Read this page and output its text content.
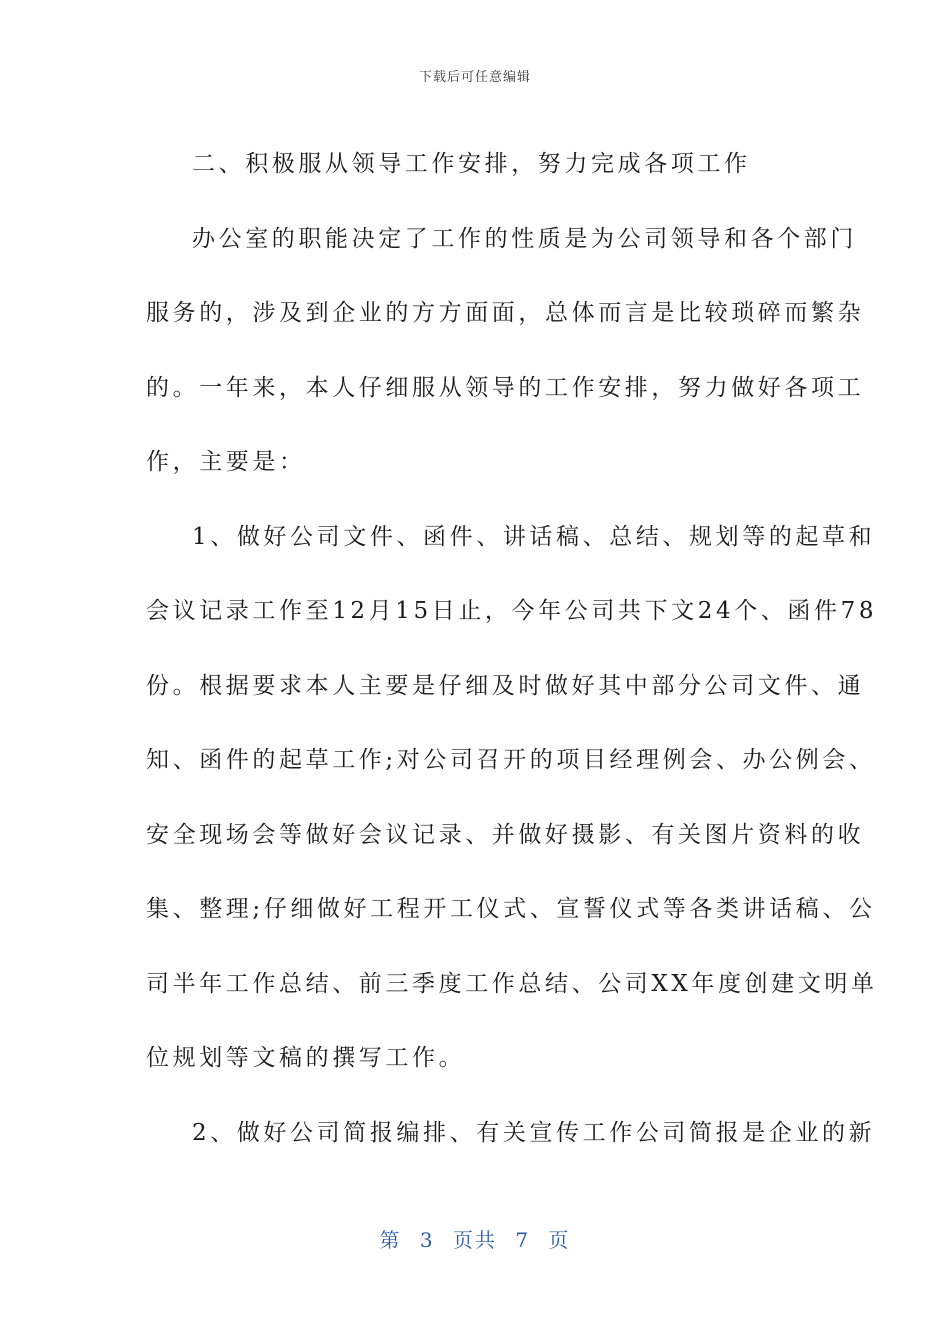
下载后可任意编辑
二、积极服从领导工作安排，努力完成各项工作
办公室的职能决定了工作的性质是为公司领导和各个部门
服务的，涉及到企业的方方面面，总体而言是比较琐碎而繁杂
的。一年来，本人仔细服从领导的工作安排，努力做好各项工
作，主要是：
1、做好公司文件、函件、讲话稿、总结、规划等的起草和
会议记录工作至12月15日止，今年公司共下文24个、函件78
份。根据要求本人主要是仔细及时做好其中部分公司文件、通
知、函件的起草工作;对公司召开的项目经理例会、办公例会、
安全现场会等做好会议记录、并做好摄影、有关图片资料的收
集、整理;仔细做好工程开工仪式、宣誓仪式等各类讲话稿、公
司半年工作总结、前三季度工作总结、公司XX年度创建文明单
位规划等文稿的撰写工作。
2、做好公司简报编排、有关宣传工作公司简报是企业的新
第 3 页共 7 页
